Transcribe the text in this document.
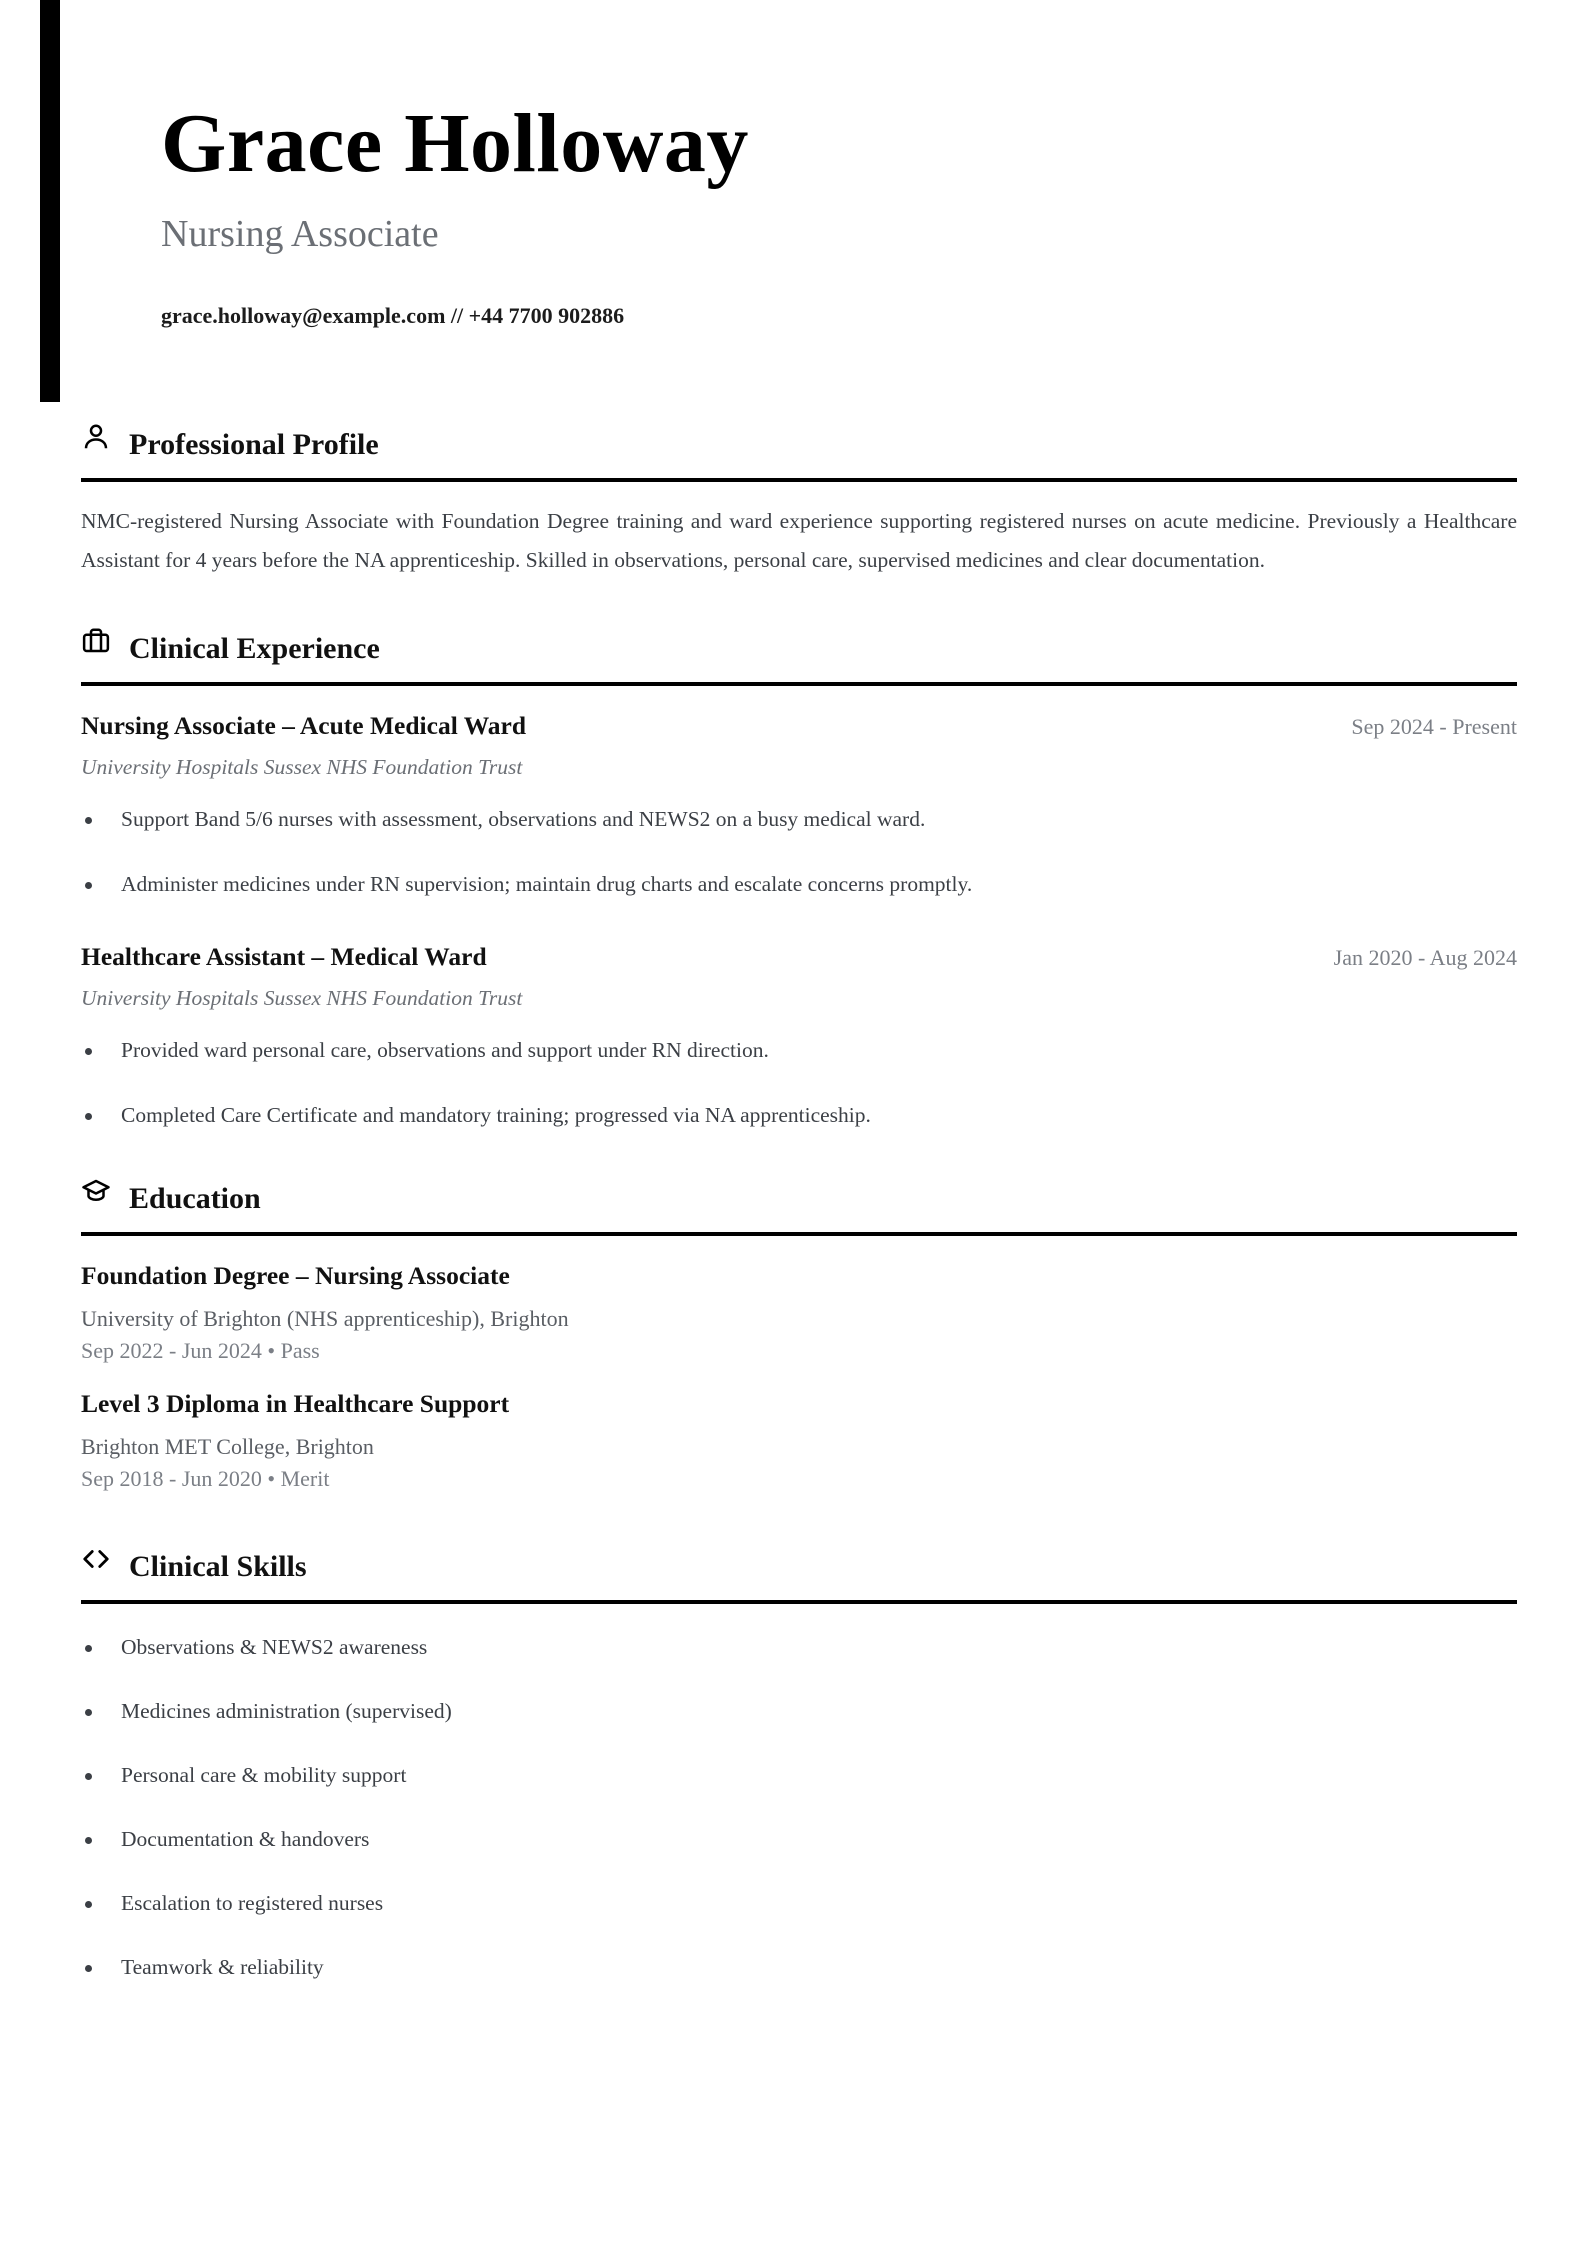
Grace Holloway
Nursing Associate
grace.holloway@example.com // +44 7700 902886
Professional Profile

NMC-registered Nursing Associate with Foundation Degree training and ward experience supporting registered nurses on acute medicine. Previously a Healthcare Assistant for 4 years before the NA apprenticeship. Skilled in observations, personal care, supervised medicines and clear documentation.

Clinical Experience
Nursing Associate – Acute Medical Ward	Sep 2024 - Present
University Hospitals Sussex NHS Foundation Trust
Support Band 5/6 nurses with assessment, observations and NEWS2 on a busy medical ward.
Administer medicines under RN supervision; maintain drug charts and escalate concerns promptly.
Healthcare Assistant – Medical Ward	Jan 2020 - Aug 2024
University Hospitals Sussex NHS Foundation Trust
Provided ward personal care, observations and support under RN direction.
Completed Care Certificate and mandatory training; progressed via NA apprenticeship.
Education
Foundation Degree – Nursing Associate
University of Brighton (NHS apprenticeship), Brighton
Sep 2022 - Jun 2024 • Pass
Level 3 Diploma in Healthcare Support
Brighton MET College, Brighton
Sep 2018 - Jun 2020 • Merit
Clinical Skills
Observations & NEWS2 awareness
Medicines administration (supervised)
Personal care & mobility support
Documentation & handovers
Escalation to registered nurses
Teamwork & reliability
